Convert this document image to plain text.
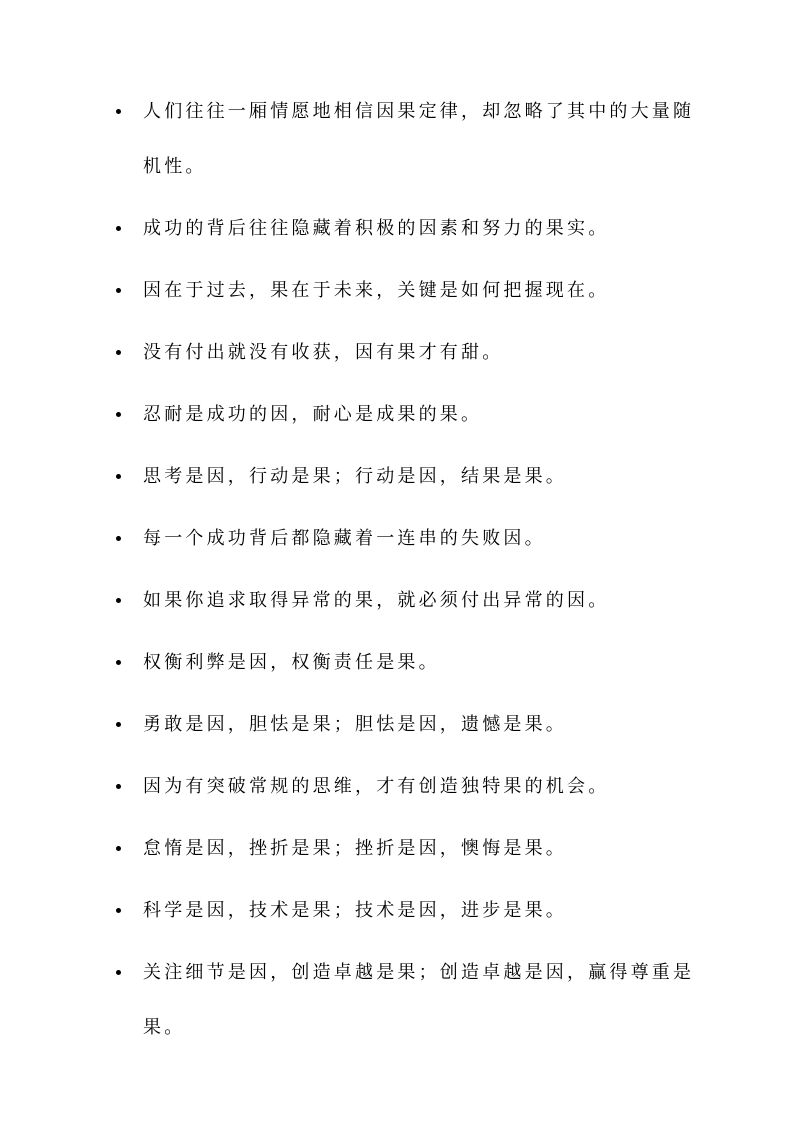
人们往往一厢情愿地相信因果定律，却忽略了其中的大量随机性。
成功的背后往往隐藏着积极的因素和努力的果实。
因在于过去，果在于未来，关键是如何把握现在。
没有付出就没有收获，因有果才有甜。
忍耐是成功的因，耐心是成果的果。
思考是因，行动是果；行动是因，结果是果。
每一个成功背后都隐藏着一连串的失败因。
如果你追求取得异常的果，就必须付出异常的因。
权衡利弊是因，权衡责任是果。
勇敢是因，胆怯是果；胆怯是因，遗憾是果。
因为有突破常规的思维，才有创造独特果的机会。
怠惰是因，挫折是果；挫折是因，懊悔是果。
科学是因，技术是果；技术是因，进步是果。
关注细节是因，创造卓越是果；创造卓越是因，赢得尊重是果。
